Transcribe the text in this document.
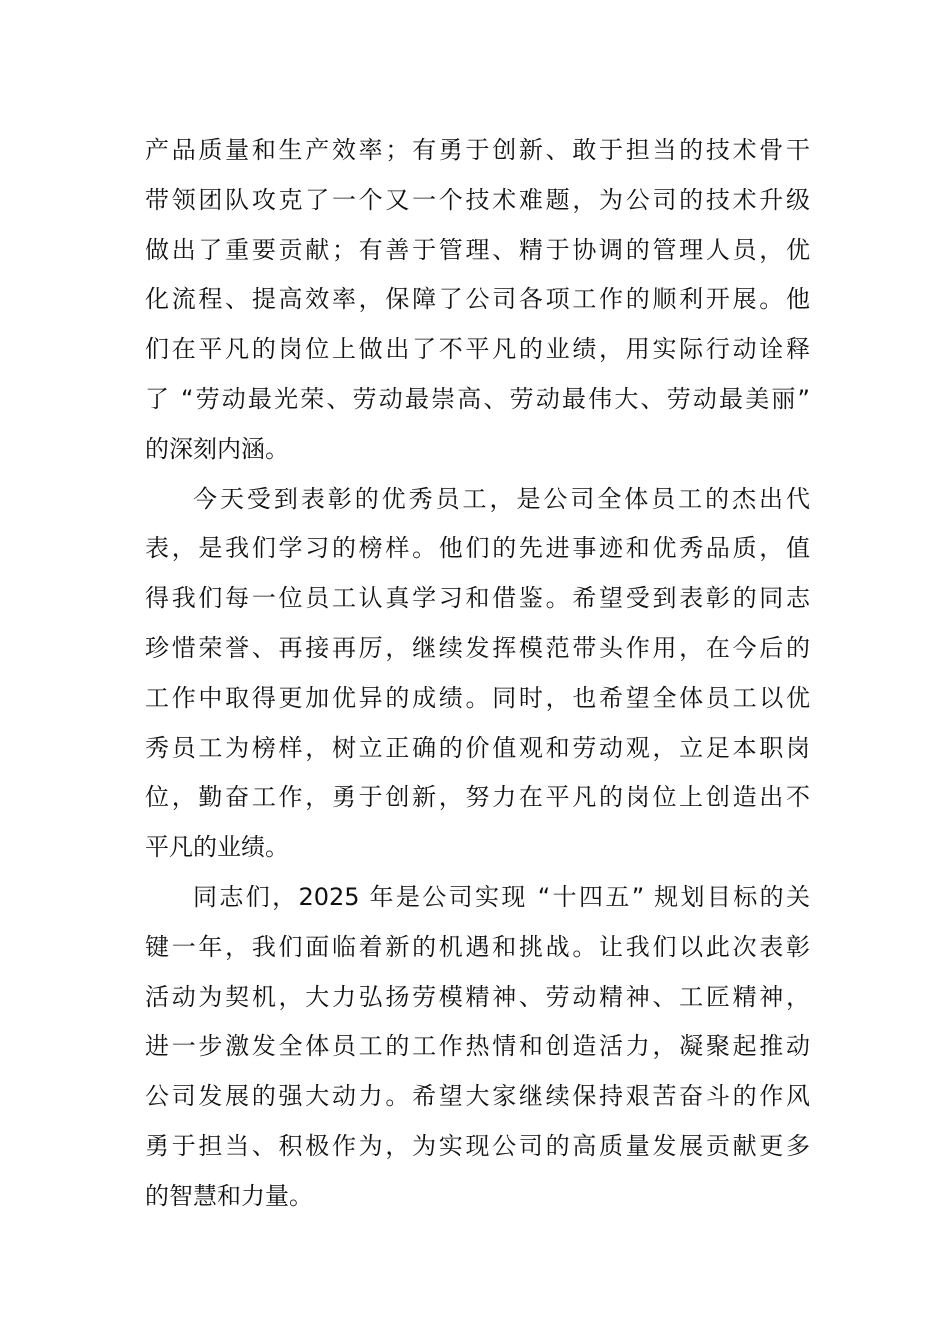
产品质量和生产效率；有勇于创新、敢于担当的技术骨干
带领团队攻克了一个又一个技术难题，为公司的技术升级
做出了重要贡献；有善于管理、精于协调的管理人员，优
化流程、提高效率，保障了公司各项工作的顺利开展。他
们在平凡的岗位上做出了不平凡的业绩，用实际行动诠释
了 “劳动最光荣、劳动最崇高、劳动最伟大、劳动最美丽”
的深刻内涵。
今天受到表彰的优秀员工，是公司全体员工的杰出代
表，是我们学习的榜样。他们的先进事迹和优秀品质，值
得我们每一位员工认真学习和借鉴。希望受到表彰的同志
珍惜荣誉、再接再厉，继续发挥模范带头作用，在今后的
工作中取得更加优异的成绩。同时，也希望全体员工以优
秀员工为榜样，树立正确的价值观和劳动观，立足本职岗
位，勤奋工作，勇于创新，努力在平凡的岗位上创造出不
平凡的业绩。
同志们，2025 年是公司实现 “十四五” 规划目标的关
键一年，我们面临着新的机遇和挑战。让我们以此次表彰
活动为契机，大力弘扬劳模精神、劳动精神、工匠精神，
进一步激发全体员工的工作热情和创造活力，凝聚起推动
公司发展的强大动力。希望大家继续保持艰苦奋斗的作风
勇于担当、积极作为，为实现公司的高质量发展贡献更多
的智慧和力量。
